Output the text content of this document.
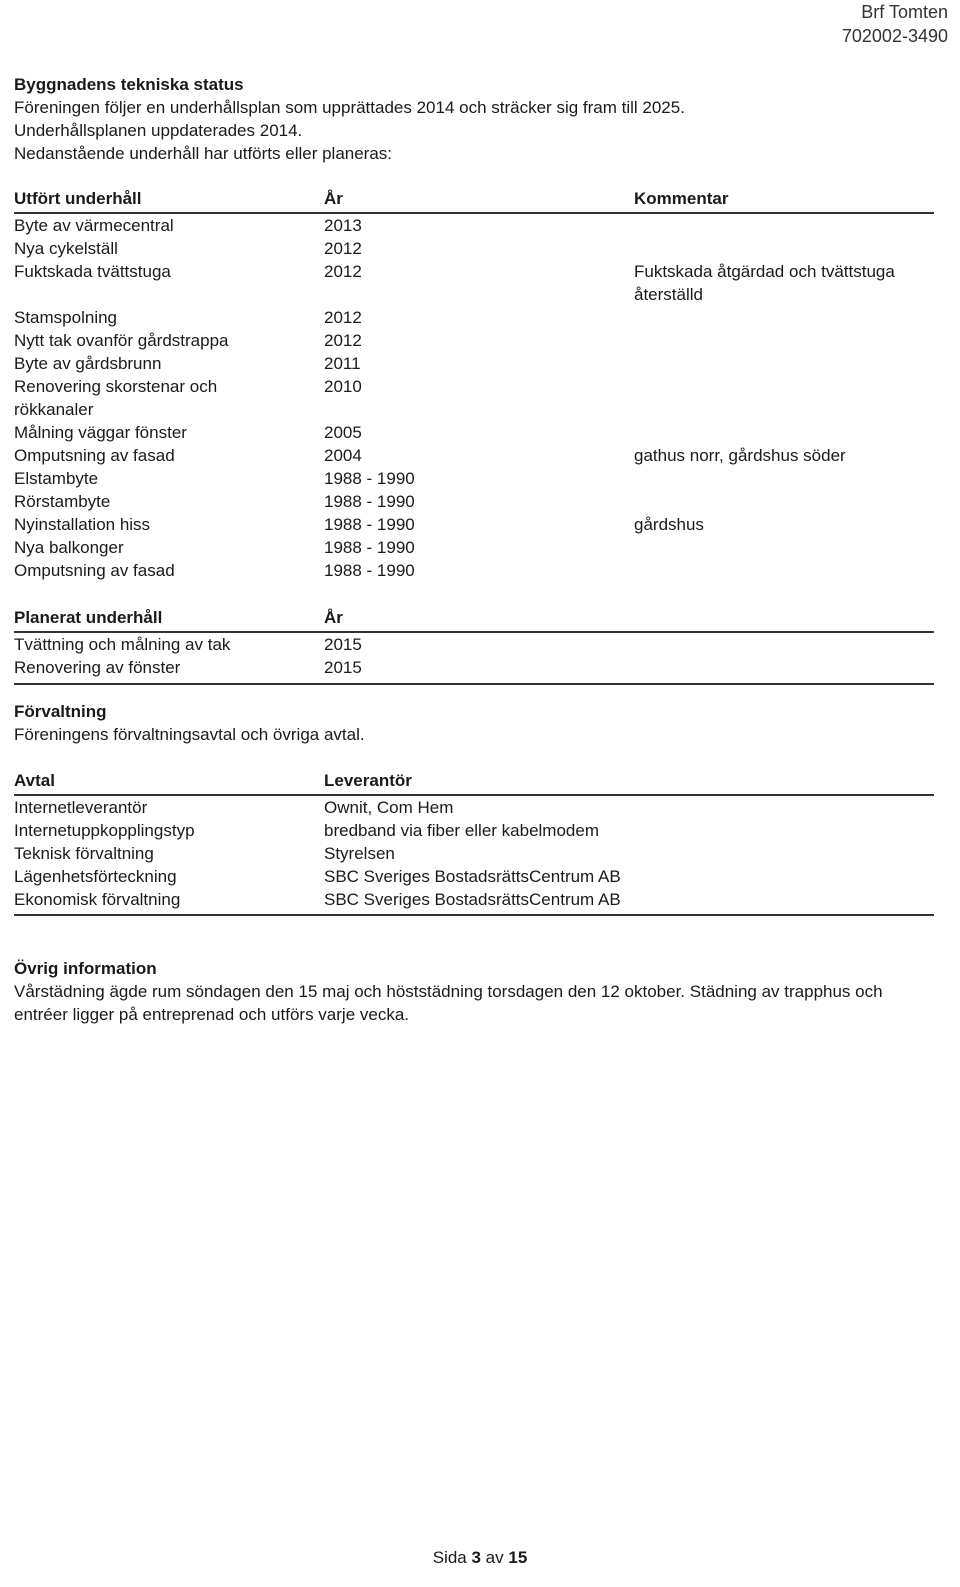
Brf Tomten
702002-3490
Byggnadens tekniska status
Föreningen följer en underhållsplan som upprättades 2014 och sträcker sig fram till 2025.
Underhållsplanen uppdaterades 2014.
Nedanstående underhåll har utförts eller planeras:
Utfört underhåll	År	Kommentar
Byte av värmecentral	2013	
Nya cykelställ	2012	
Fuktskada tvättstuga	2012	Fuktskada åtgärdad och tvättstuga återställd
Stamspolning	2012	
Nytt tak ovanför gårdstrappa	2012	
Byte av gårdsbrunn	2011	
Renovering skorstenar och rökkanaler	2010	
Målning väggar fönster	2005	
Omputsning av fasad	2004	gathus norr, gårdshus söder
Elstambyte	1988 - 1990	
Rörstambyte	1988 - 1990	
Nyinstallation hiss	1988 - 1990	gårdshus
Nya balkonger	1988 - 1990	
Omputsning av fasad	1988 - 1990	
Planerat underhåll	År	
Tvättning och målning av tak	2015	
Renovering av fönster	2015	
Förvaltning
Föreningens förvaltningsavtal och övriga avtal.
Avtal	Leverantör
Internetleverantör	Ownit, Com Hem
Internetuppkopplingstyp	bredband via fiber eller kabelmodem
Teknisk förvaltning	Styrelsen
Lägenhetsförteckning	SBC Sveriges BostadsrättsCentrum AB
Ekonomisk förvaltning	SBC Sveriges BostadsrättsCentrum AB
Övrig information
Vårstädning ägde rum söndagen den 15 maj och höststädning torsdagen den 12 oktober. Städning av trapphus och entréer ligger på entreprenad och utförs varje vecka.
Sida 3 av 15
